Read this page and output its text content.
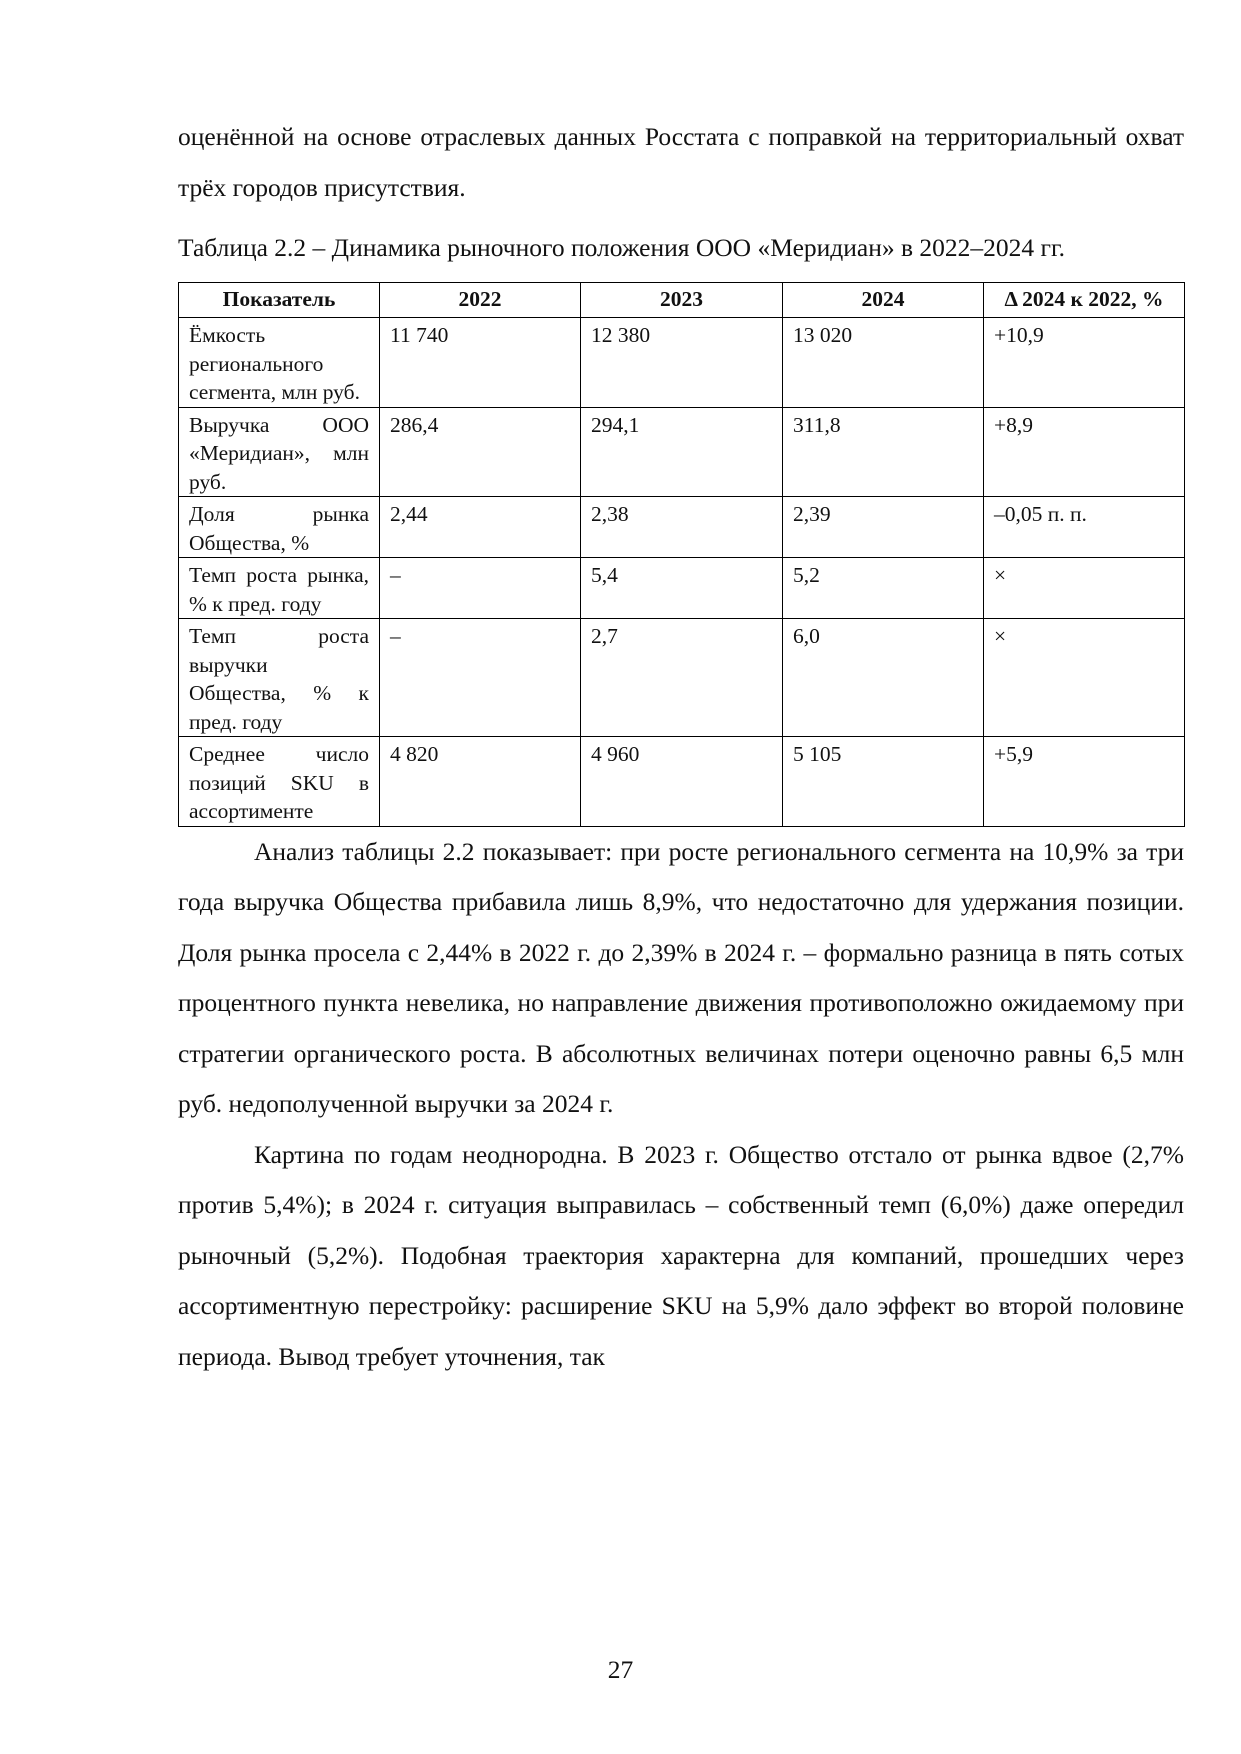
оценённой на основе отраслевых данных Росстата с поправкой на территориальный охват трёх городов присутствия.

Таблица 2.2 – Динамика рыночного положения ООО «Меридиан» в 2022–2024 гг.

Показатель	2022	2023	2024	Δ 2024 к 2022, %
Ёмкость регионального сегмента, млн руб.	11 740	12 380	13 020	+10,9
Выручка ООО «Меридиан», млн руб.	286,4	294,1	311,8	+8,9
Доля рынка Общества, %	2,44	2,38	2,39	–0,05 п. п.
Темп роста рынка, % к пред. году	–	5,4	5,2	×
Темп роста выручки Общества, % к пред. году	–	2,7	6,0	×
Среднее число позиций SKU в ассортименте	4 820	4 960	5 105	+5,9

Анализ таблицы 2.2 показывает: при росте регионального сегмента на 10,9% за три года выручка Общества прибавила лишь 8,9%, что недостаточно для удержания позиции. Доля рынка просела с 2,44% в 2022 г. до 2,39% в 2024 г. – формально разница в пять сотых процентного пункта невелика, но направление движения противоположно ожидаемому при стратегии органического роста. В абсолютных величинах потери оценочно равны 6,5 млн руб. недополученной выручки за 2024 г.

Картина по годам неоднородна. В 2023 г. Общество отстало от рынка вдвое (2,7% против 5,4%); в 2024 г. ситуация выправилась – собственный темп (6,0%) даже опередил рыночный (5,2%). Подобная траектория характерна для компаний, прошедших через ассортиментную перестройку: расширение SKU на 5,9% дало эффект во второй половине периода. Вывод требует уточнения, так

27
